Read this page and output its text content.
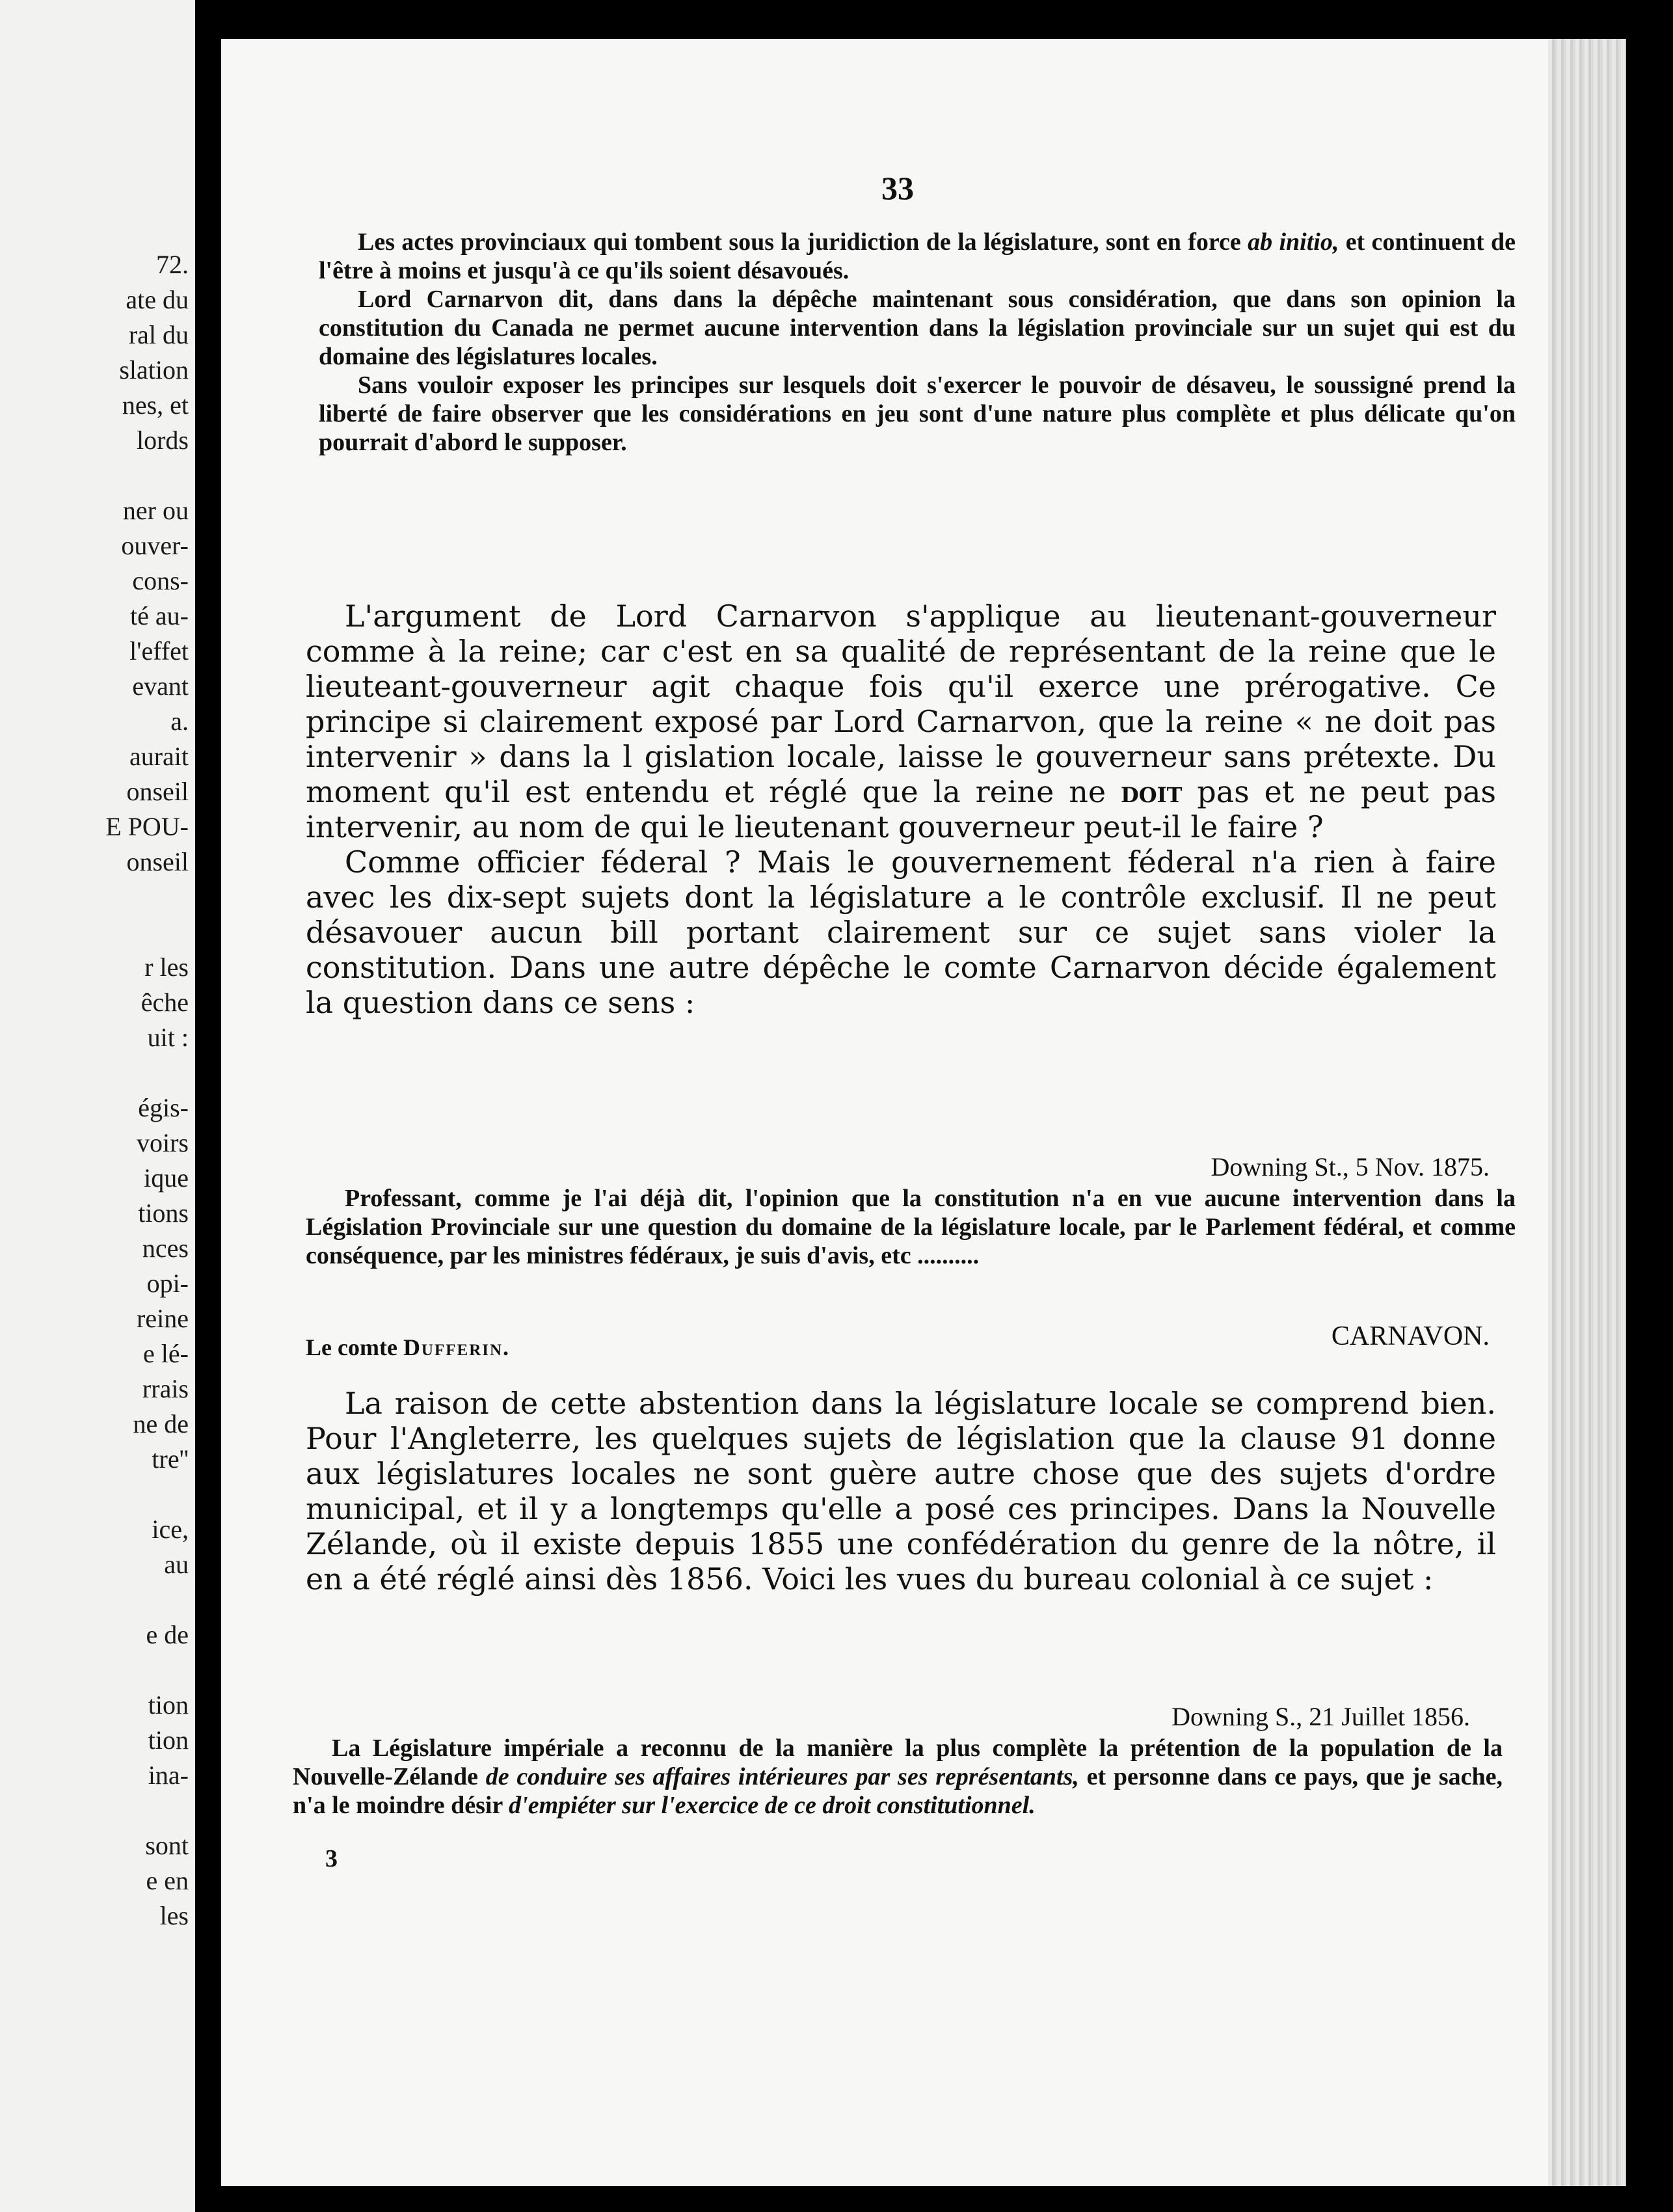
72.
ate du
ral du
slation
nes, et
lords

ner ou
ouver-
cons-
té au-
l'effet
evant
a.
aurait
onseil
E POU-
onseil

r les
êche
uit :

égis-
voirs
ique
tions
nces
opi-
reine
e lé-
rrais
ne de
tre''

ice,
au

e de

tion
tion
ina-

sont
e en
les
33

Les actes provinciaux qui tombent sous la juridiction de la législature, sont en force ab initio, et continuent de l'être à moins et jusqu'à ce qu'ils soient désavoués.

Lord Carnarvon dit, dans dans la dépêche maintenant sous considération, que dans son opinion la constitution du Canada ne permet aucune intervention dans la législation provinciale sur un sujet qui est du domaine des législatures locales.

Sans vouloir exposer les principes sur lesquels doit s'exercer le pouvoir de désaveu, le soussigné prend la liberté de faire observer que les considérations en jeu sont d'une nature plus complète et plus délicate qu'on pourrait d'abord le supposer.

L'argument de Lord Carnarvon s'applique au lieutenant-gouverneur comme à la reine; car c'est en sa qualité de représentant de la reine que le lieuteant-gouverneur agit chaque fois qu'il exerce une prérogative. Ce principe si clairement exposé par Lord Carnarvon, que la reine « ne doit pas intervenir » dans la l gislation locale, laisse le gouverneur sans prétexte. Du moment qu'il est entendu et réglé que la reine ne doit pas et ne peut pas intervenir, au nom de qui le lieutenant gouverneur peut-il le faire ?

Comme officier féderal ? Mais le gouvernement féderal n'a rien à faire avec les dix-sept sujets dont la législature a le contrôle exclusif. Il ne peut désavouer aucun bill portant clairement sur ce sujet sans violer la constitution. Dans une autre dépêche le comte Carnarvon décide également la question dans ce sens :

Downing St., 5 Nov. 1875.

Professant, comme je l'ai déjà dit, l'opinion que la constitution n'a en vue aucune intervention dans la Législation Provinciale sur une question du domaine de la législature locale, par le Parlement fédéral, et comme conséquence, par les ministres fédéraux, je suis d'avis, etc ..........

CARNAVON.
Le comte Dufferin.

La raison de cette abstention dans la législature locale se comprend bien. Pour l'Angleterre, les quelques sujets de législation que la clause 91 donne aux législatures locales ne sont guère autre chose que des sujets d'ordre municipal, et il y a longtemps qu'elle a posé ces principes. Dans la Nouvelle Zélande, où il existe depuis 1855 une confédération du genre de la nôtre, il en a été réglé ainsi dès 1856. Voici les vues du bureau colonial à ce sujet :

Downing S., 21 Juillet 1856.

La Législature impériale a reconnu de la manière la plus complète la prétention de la population de la Nouvelle-Zélande de conduire ses affaires intérieures par ses représentants, et personne dans ce pays, que je sache, n'a le moindre désir d'empiéter sur l'exercice de ce droit constitutionnel.

3
